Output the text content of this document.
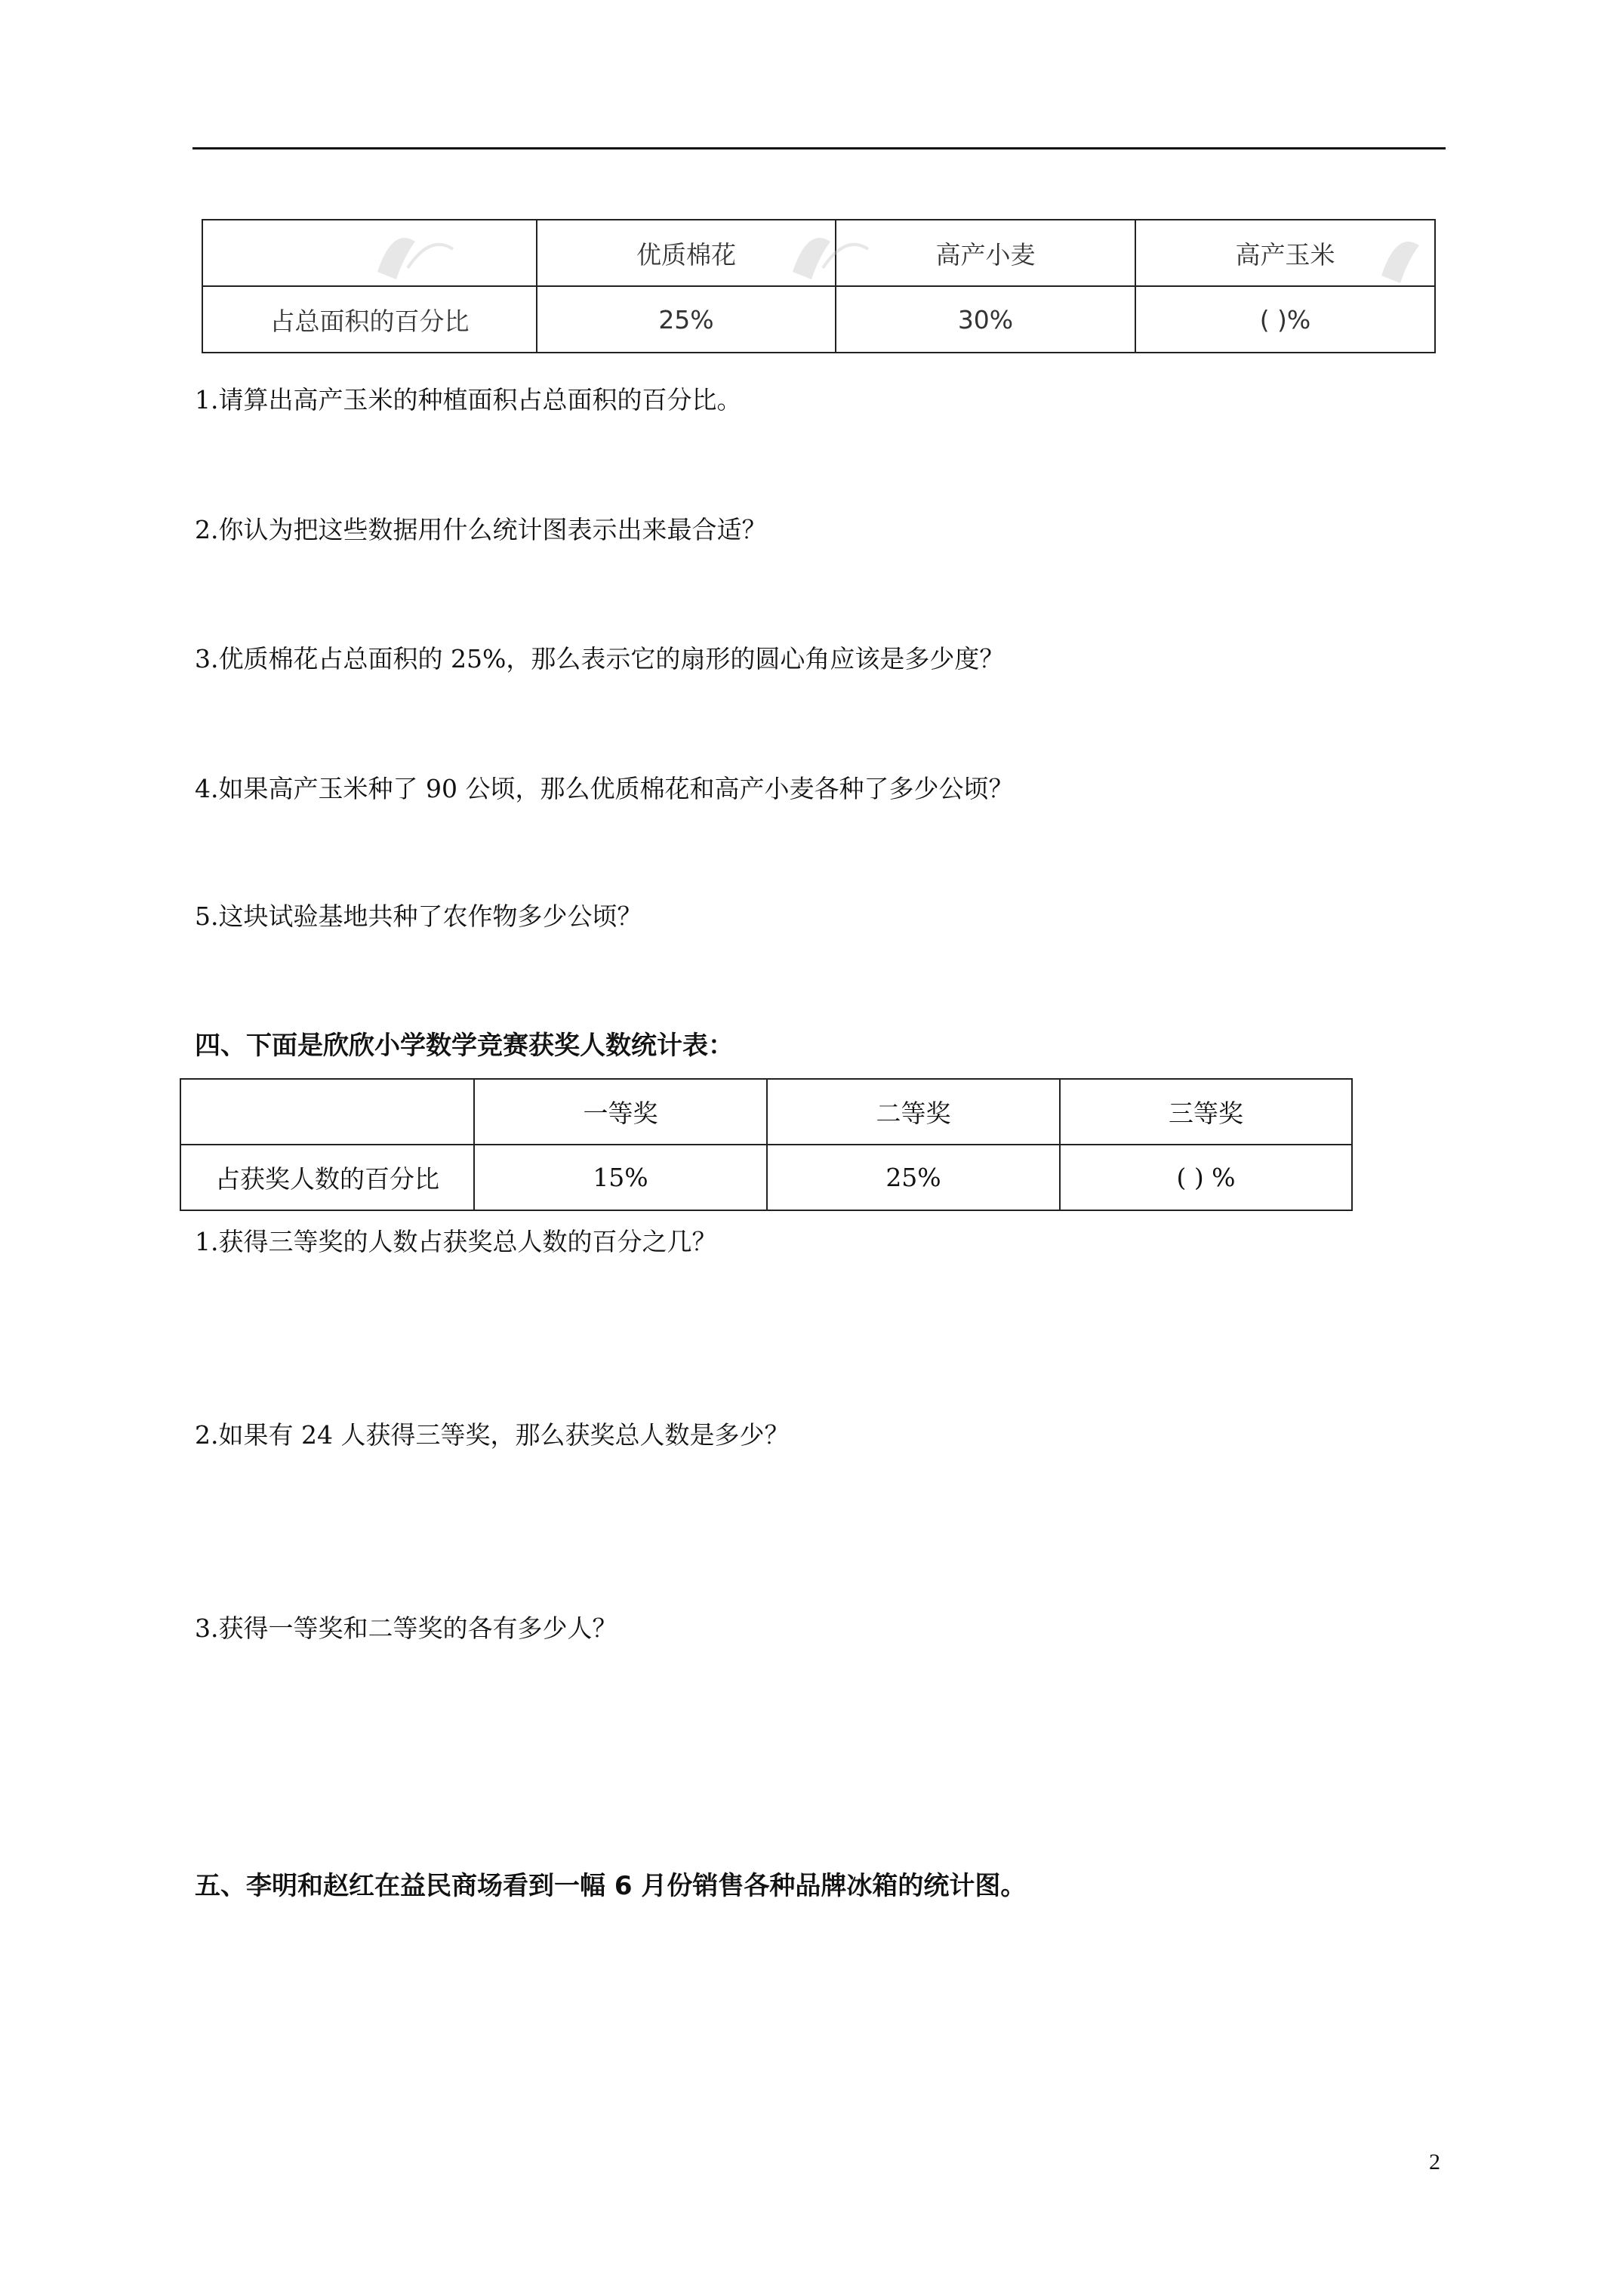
	优质棉花	高产小麦	高产玉米
占总面积的百分比	25%	30%	( )%
1.请算出高产玉米的种植面积占总面积的百分比。
2.你认为把这些数据用什么统计图表示出来最合适？
3.优质棉花占总面积的 25%，那么表示它的扇形的圆心角应该是多少度？
4.如果高产玉米种了 90 公顷，那么优质棉花和高产小麦各种了多少公顷？
5.这块试验基地共种了农作物多少公顷？
四、下面是欣欣小学数学竞赛获奖人数统计表：
	一等奖	二等奖	三等奖
占获奖人数的百分比	15%	25%	( ) %
1.获得三等奖的人数占获奖总人数的百分之几？
2.如果有 24 人获得三等奖，那么获奖总人数是多少？
3.获得一等奖和二等奖的各有多少人？
五、李明和赵红在益民商场看到一幅 6 月份销售各种品牌冰箱的统计图。
2
